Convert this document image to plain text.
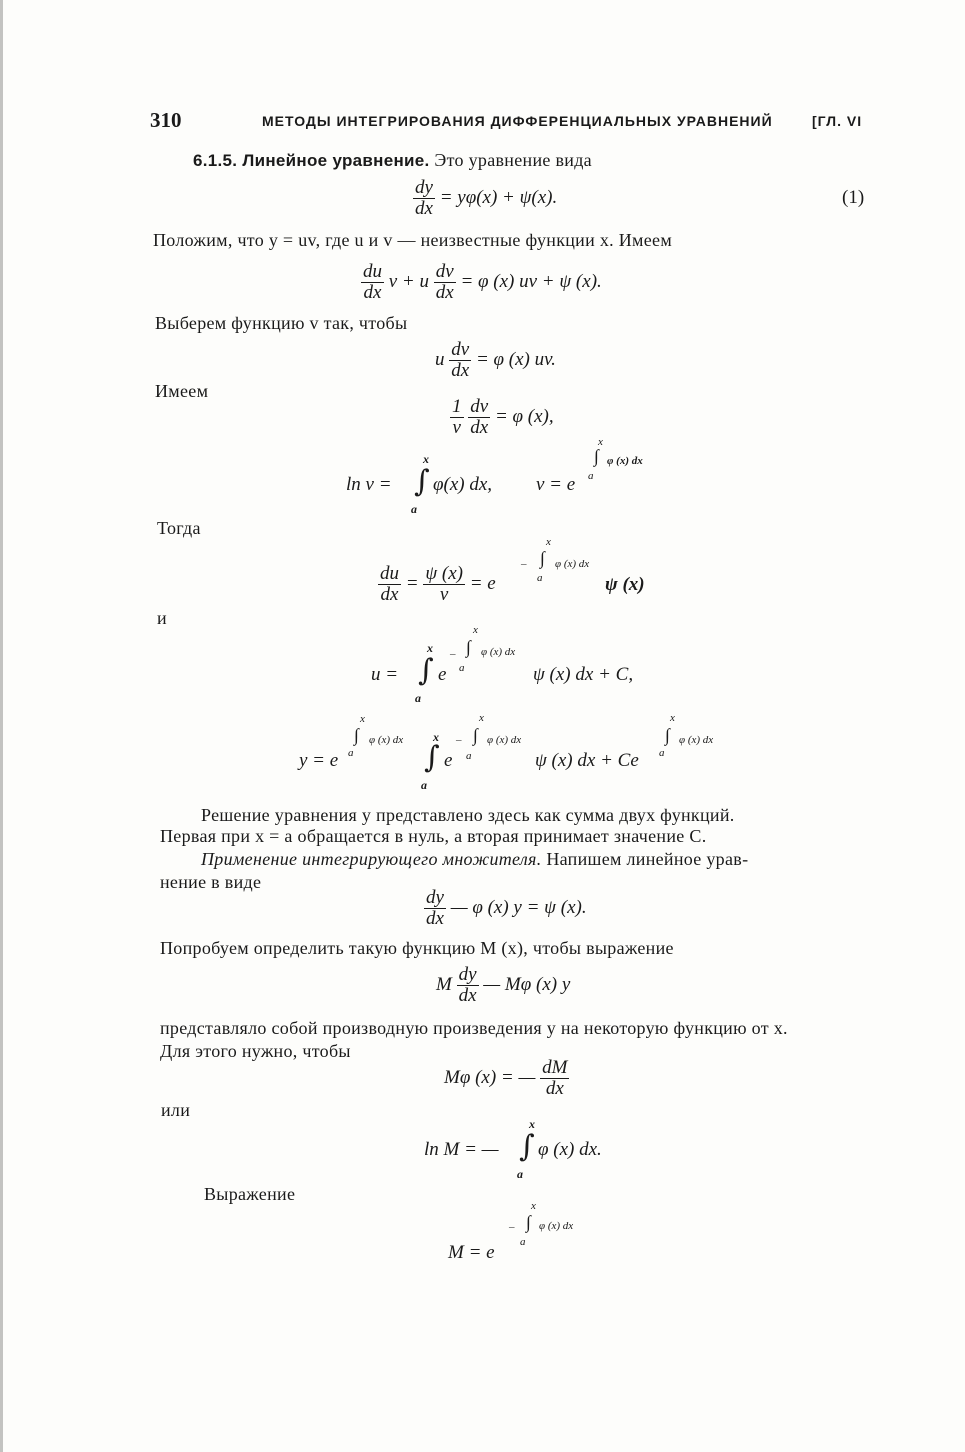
310	МЕТОДЫ ИНТЕГРИРОВАНИЯ ДИФФЕРЕНЦИАЛЬНЫХ УРАВНЕНИЙ	[ГЛ. VI
6.1.5. Линейное уравнение. Это уравнение вида
$\frac{dy}{dx} = y\varphi(x) + \psi(x)$.	(1)
Положим, что y = uv, где u и v — неизвестные функции x. Имеем
$\frac{du}{dx}$ v + u $\frac{dv}{dx} = \varphi$ (x) uv + ψ (x).
Выберем функцию v так, чтобы
u $\frac{dv}{dx} = \varphi$ (x) uv.
Имеем
$\frac{1}{v}$
$\frac{dv}{dx} = \varphi$ (x),
ln v =
x
∫
a
φ(x) dx, v = e a
x
∫ φ (x) dx
Тогда
$\frac{du}{dx} = \frac{\psi (x)}{v} = e$
–
x
∫
a
φ (x) dx
ψ (x)
и
u =
x
∫
a
e
–
x
∫
a
φ (x) dx
ψ (x) dx + C,
y = e a
x
∫ φ (x) dx x
∫
a
e
–
x
∫
a
φ (x) dx
ψ (x) dx + Ce a
x
∫ φ (x) dx
Решение уравнения y представлено здесь как сумма двух функций.
Первая при x = a обращается в нуль, а вторая принимает значение C.
Применение интегрирующего множителя. Напишем линейное урав-
нение в виде
$\frac{dy}{dx}$ — φ (x) y = ψ (x).
Попробуем определить такую функцию M (x), чтобы выражение
M $\frac{dy}{dx}$ — Mφ (x) y
представляло собой производную произведения y на некоторую функцию от x.
Для этого нужно, чтобы
Mφ (x) = — $\frac{dM}{dx}$
или
ln M = —
x
∫
a
φ (x) dx.
Выражение
M = e
–
x
∫
a
φ (x) dx
